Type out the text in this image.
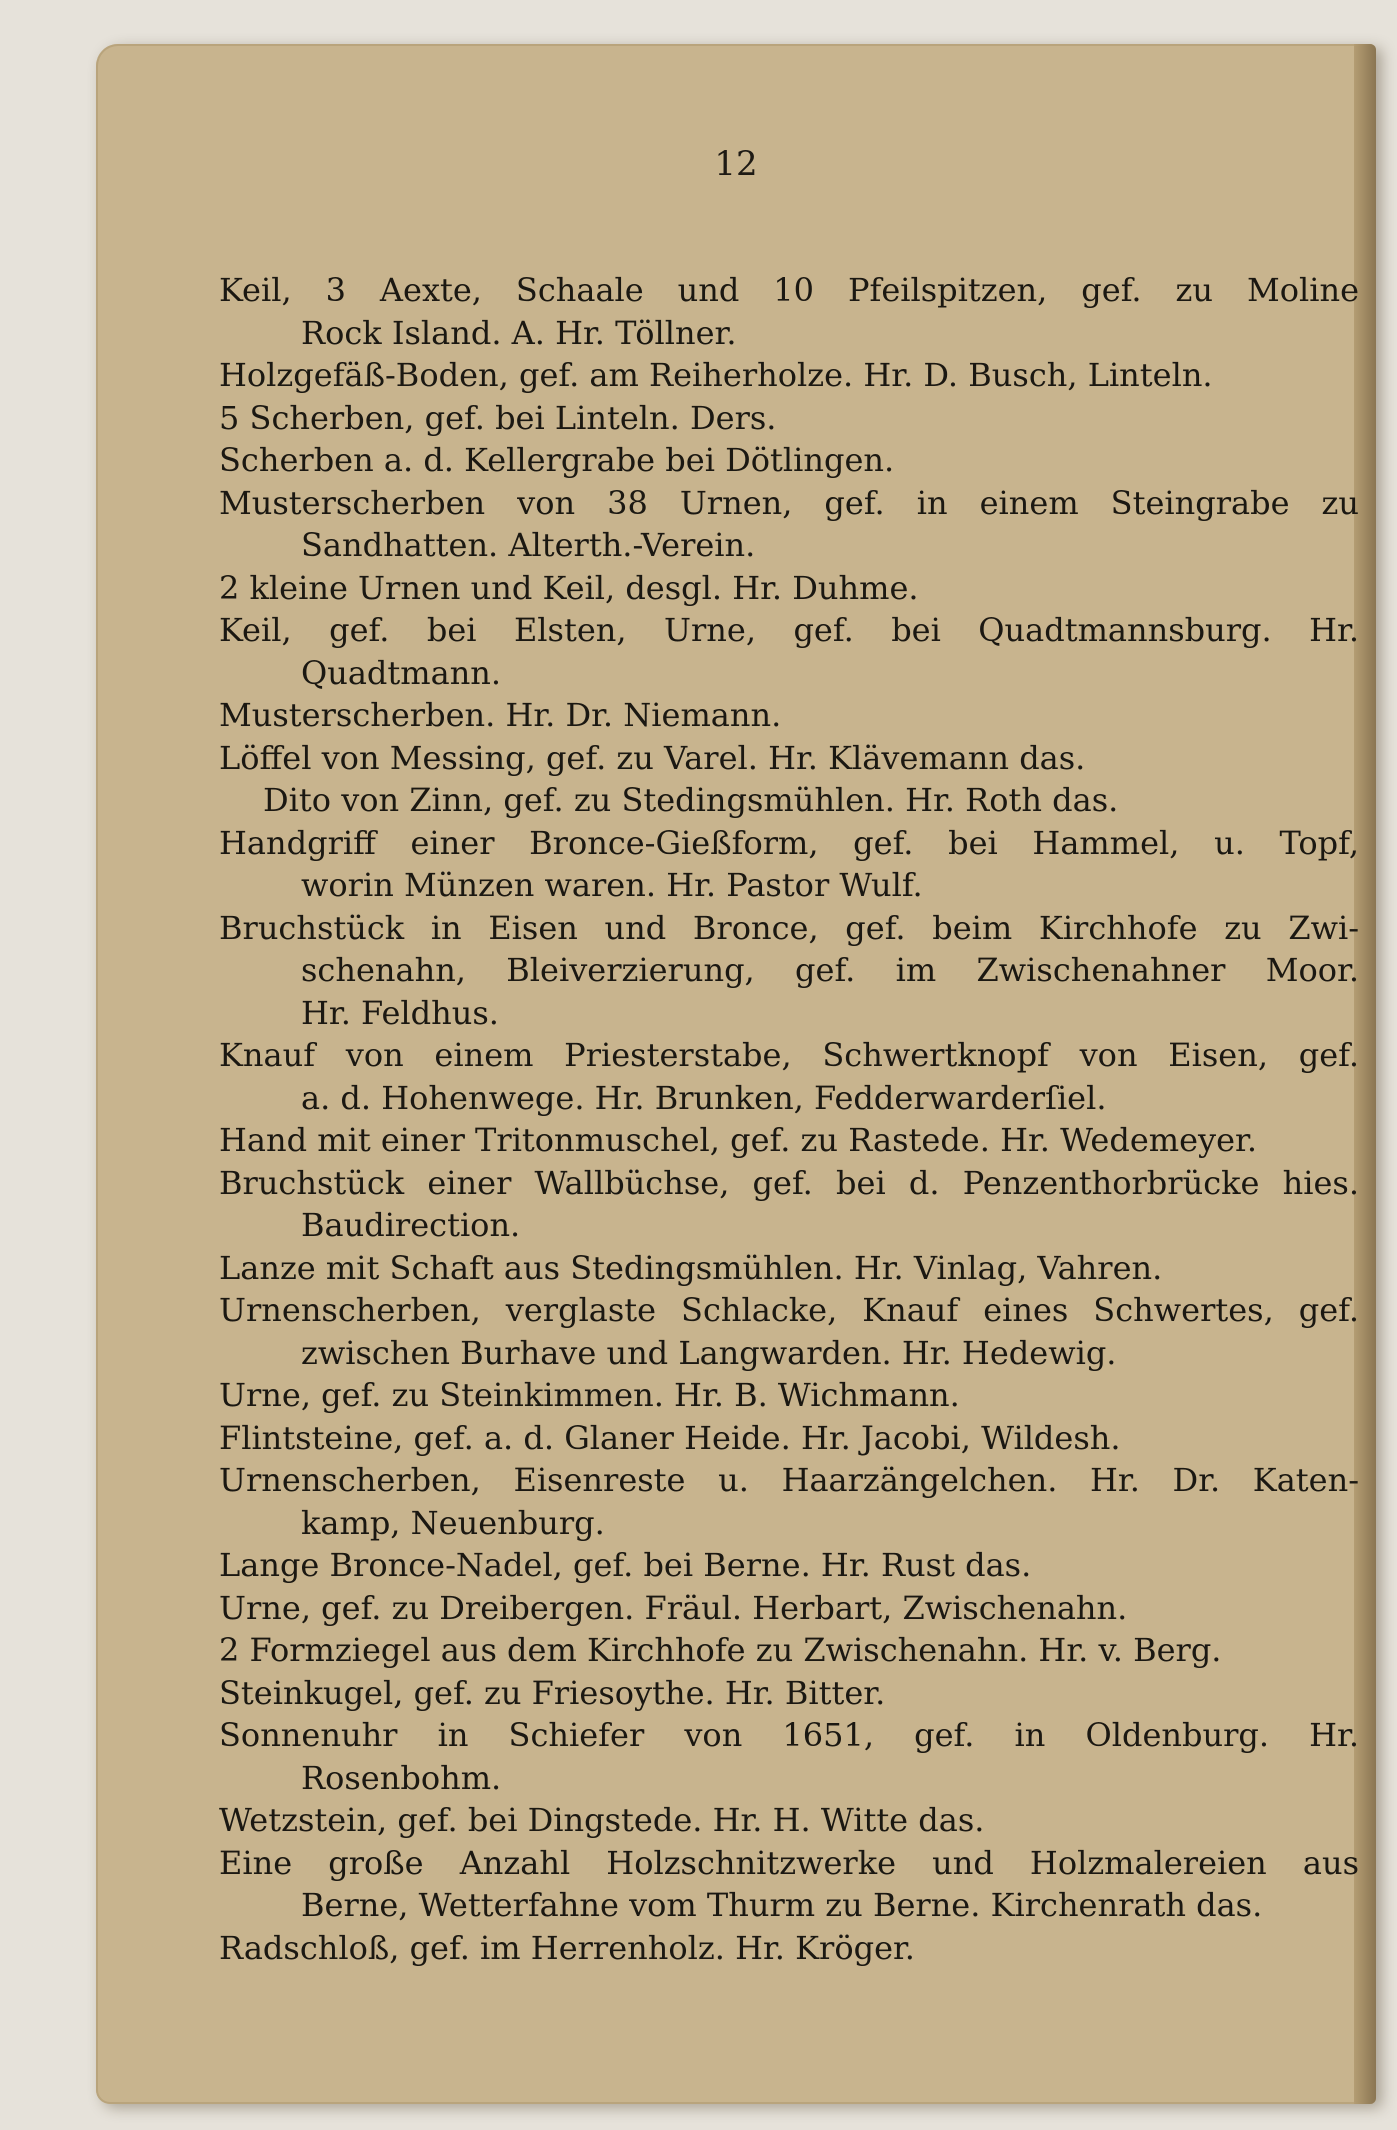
12
Keil, 3 Aexte, Schaale und 10 Pfeilspitzen, gef. zu Moline
Rock Island. A. Hr. Töllner.
Holzgefäß-Boden, gef. am Reiherholze. Hr. D. Busch, Linteln.
5 Scherben, gef. bei Linteln. Ders.
Scherben a. d. Kellergrabe bei Dötlingen.
Musterscherben von 38 Urnen, gef. in einem Steingrabe zu
Sandhatten. Alterth.-Verein.
2 kleine Urnen und Keil, desgl. Hr. Duhme.
Keil, gef. bei Elsten, Urne, gef. bei Quadtmannsburg. Hr.
Quadtmann.
Musterscherben. Hr. Dr. Niemann.
Löffel von Messing, gef. zu Varel. Hr. Klävemann das.
Dito von Zinn, gef. zu Stedingsmühlen. Hr. Roth das.
Handgriff einer Bronce-Gießform, gef. bei Hammel, u. Topf,
worin Münzen waren. Hr. Pastor Wulf.
Bruchstück in Eisen und Bronce, gef. beim Kirchhofe zu Zwi-
schenahn, Bleiverzierung, gef. im Zwischenahner Moor.
Hr. Feldhus.
Knauf von einem Priesterstabe, Schwertknopf von Eisen, gef.
a. d. Hohenwege. Hr. Brunken, Fedderwarderſiel.
Hand mit einer Tritonmuschel, gef. zu Rastede. Hr. Wedemeyer.
Bruchstück einer Wallbüchse, gef. bei d. Penzenthorbrücke hies.
Baudirection.
Lanze mit Schaft aus Stedingsmühlen. Hr. Vinlag, Vahren.
Urnenscherben, verglaste Schlacke, Knauf eines Schwertes, gef.
zwischen Burhave und Langwarden. Hr. Hedewig.
Urne, gef. zu Steinkimmen. Hr. B. Wichmann.
Flintsteine, gef. a. d. Glaner Heide. Hr. Jacobi, Wildesh.
Urnenscherben, Eisenreste u. Haarzängelchen. Hr. Dr. Katen-
kamp, Neuenburg.
Lange Bronce-Nadel, gef. bei Berne. Hr. Rust das.
Urne, gef. zu Dreibergen. Fräul. Herbart, Zwischenahn.
2 Formziegel aus dem Kirchhofe zu Zwischenahn. Hr. v. Berg.
Steinkugel, gef. zu Friesoythe. Hr. Bitter.
Sonnenuhr in Schiefer von 1651, gef. in Oldenburg. Hr.
Rosenbohm.
Wetzstein, gef. bei Dingstede. Hr. H. Witte das.
Eine große Anzahl Holzschnitzwerke und Holzmalereien aus
Berne, Wetterfahne vom Thurm zu Berne. Kirchenrath das.
Radschloß, gef. im Herrenholz. Hr. Kröger.
